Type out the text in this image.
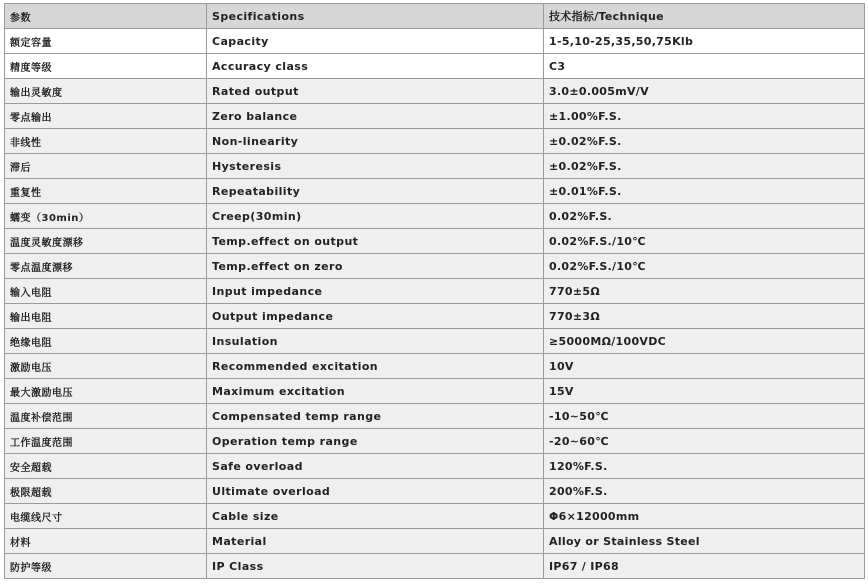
参数	Specifications	技术指标/Technique
额定容量	Capacity	1-5,10-25,35,50,75Klb
精度等级	Accuracy class	C3
输出灵敏度	Rated output	3.0±0.005mV/V
零点输出	Zero balance	±1.00%F.S.
非线性	Non-linearity	±0.02%F.S.
滞后	Hysteresis	±0.02%F.S.
重复性	Repeatability	±0.01%F.S.
蠕变（30min）	Creep(30min)	0.02%F.S.
温度灵敏度漂移	Temp.effect on output	0.02%F.S./10℃
零点温度漂移	Temp.effect on zero	0.02%F.S./10℃
输入电阻	Input impedance	770±5Ω
输出电阻	Output impedance	770±3Ω
绝缘电阻	Insulation	≥5000MΩ/100VDC
激励电压	Recommended excitation	10V
最大激励电压	Maximum excitation	15V
温度补偿范围	Compensated temp range	-10~50℃
工作温度范围	Operation temp range	-20~60℃
安全超载	Safe overload	120%F.S.
极限超载	Ultimate overload	200%F.S.
电缆线尺寸	Cable size	Φ6×12000mm
材料	Material	Alloy or Stainless Steel
防护等级	IP Class	IP67 / IP68
